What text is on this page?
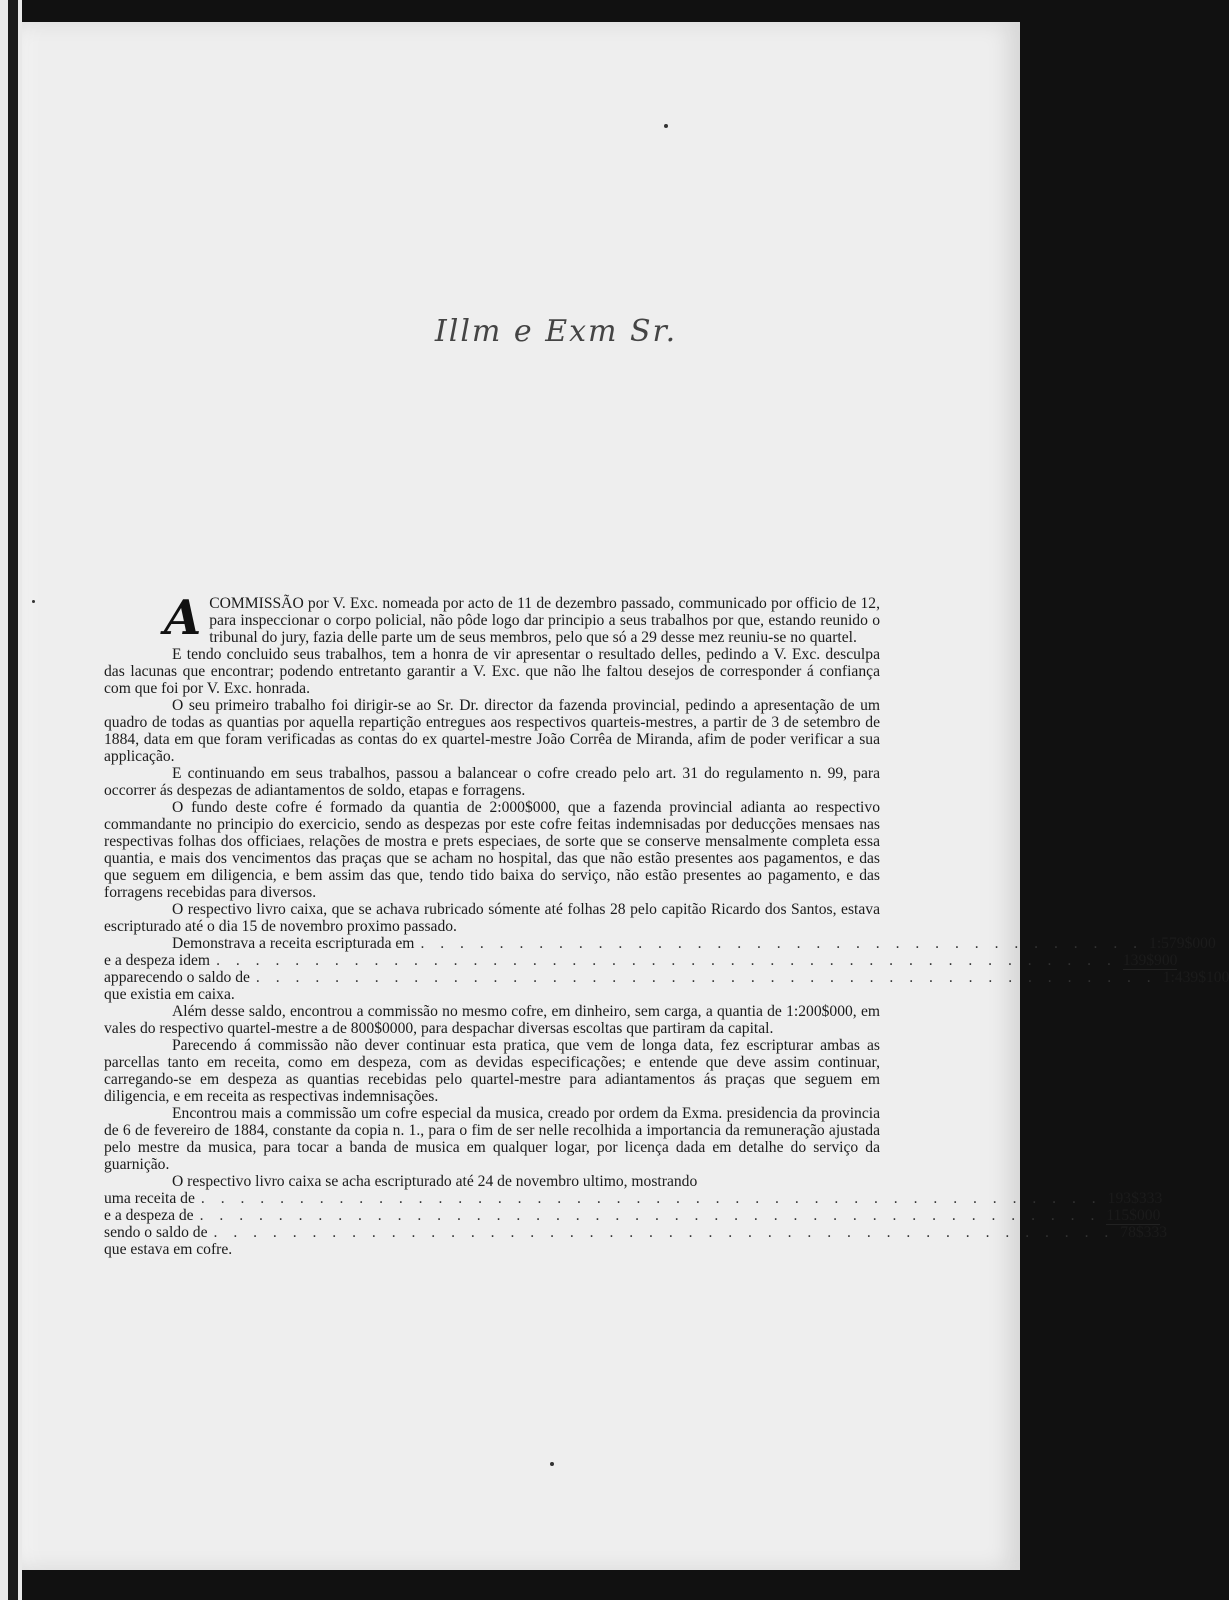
Illm e Exm Sr.

ACOMMISSÃO por V. Exc. nomeada por acto de 11 de dezembro passado, communicado por officio de 12, para inspeccionar o corpo policial, não pôde logo dar principio a seus trabalhos por que, estando reunido o tribunal do jury, fazia delle parte um de seus membros, pelo que só a 29 desse mez reuniu-se no quartel.

E tendo concluido seus trabalhos, tem a honra de vir apresentar o resultado delles, pedindo a V. Exc. desculpa das lacunas que encontrar; podendo entretanto garantir a V. Exc. que não lhe faltou desejos de corresponder á confiança com que foi por V. Exc. honrada.

O seu primeiro trabalho foi dirigir-se ao Sr. Dr. director da fazenda provincial, pedindo a apresentação de um quadro de todas as quantias por aquella repartição entregues aos respectivos quarteis-mestres, a partir de 3 de setembro de 1884, data em que foram verificadas as contas do ex quartel-mestre João Corrêa de Miranda, afim de poder verificar a sua applicação.

E continuando em seus trabalhos, passou a balancear o cofre creado pelo art. 31 do regulamento n. 99, para occorrer ás despezas de adiantamentos de soldo, etapas e forragens.

O fundo deste cofre é formado da quantia de 2:000$000, que a fazenda provincial adianta ao respectivo commandante no principio do exercicio, sendo as despezas por este cofre feitas indemnisadas por deducções mensaes nas respectivas folhas dos officiaes, relações de mostra e prets especiaes, de sorte que se conserve mensalmente completa essa quantia, e mais dos vencimentos das praças que se acham no hospital, das que não estão presentes aos pagamentos, e das que seguem em diligencia, e bem assim das que, tendo tido baixa do serviço, não estão presentes ao pagamento, e das forragens recebidas para diversos.

O respectivo livro caixa, que se achava rubricado sómente até folhas 28 pelo capitão Ricardo dos Santos, estava escripturado até o dia 15 de novembro proximo passado.

Demonstrava a receita escripturada em . . . . . . . . . . . . . . . . . . . . . . . . . . . . . . . . . . . . . 1:579$000
e a despeza idem . . . . . . . . . . . . . . . . . . . . . . . . . . . . . . . . . . . . . . . . . . . . . . 139$900
apparecendo o saldo de . . . . . . . . . . . . . . . . . . . . . . . . . . . . . . . . . . . . . . . . . . . . . . 1:439$100

que existia em caixa.

Além desse saldo, encontrou a commissão no mesmo cofre, em dinheiro, sem carga, a quantia de 1:200$000, em vales do respectivo quartel-mestre a de 800$0000, para despachar diversas escoltas que partiram da capital.

Parecendo á commissão não dever continuar esta pratica, que vem de longa data, fez escripturar ambas as parcellas tanto em receita, como em despeza, com as devidas especificações; e entende que deve assim continuar, carregando-se em despeza as quantias recebidas pelo quartel-mestre para adiantamentos ás praças que seguem em diligencia, e em receita as respectivas indemnisações.

Encontrou mais a commissão um cofre especial da musica, creado por ordem da Exma. presidencia da provincia de 6 de fevereiro de 1884, constante da copia n. 1., para o fim de ser nelle recolhida a importancia da remuneração ajustada pelo mestre da musica, para tocar a banda de musica em qualquer logar, por licença dada em detalhe do serviço da guarnição.

O respectivo livro caixa se acha escripturado até 24 de novembro ultimo, mostrando

uma receita de . . . . . . . . . . . . . . . . . . . . . . . . . . . . . . . . . . . . . . . . . . . . . . 193$333
e a despeza de . . . . . . . . . . . . . . . . . . . . . . . . . . . . . . . . . . . . . . . . . . . . . . 115$000
sendo o saldo de . . . . . . . . . . . . . . . . . . . . . . . . . . . . . . . . . . . . . . . . . . . . . . 78$333

que estava em cofre.
